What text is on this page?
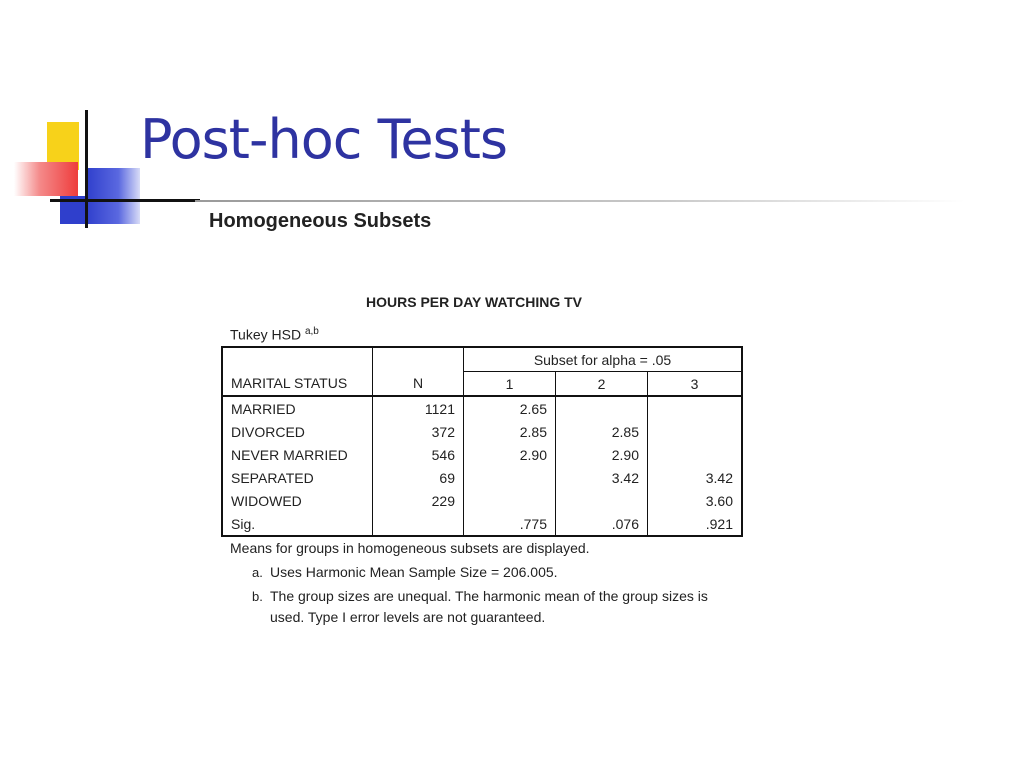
Post-hoc Tests
Homogeneous Subsets
HOURS PER DAY WATCHING TV
Tukey HSD $^{a,b}$
		Subset for alpha = .05		
MARITAL STATUS	N	1	2	3
MARRIED	1121	2.65		
DIVORCED	372	2.85	2.85	
NEVER MARRIED	546	2.90	2.90	
SEPARATED	69		3.42	3.42
WIDOWED	229			3.60
Sig.		.775	.076	.921
Means for groups in homogeneous subsets are displayed.
a. Uses Harmonic Mean Sample Size = 206.005.
b. The group sizes are unequal. The harmonic mean of the group sizes is used. Type I error levels are not guaranteed.
